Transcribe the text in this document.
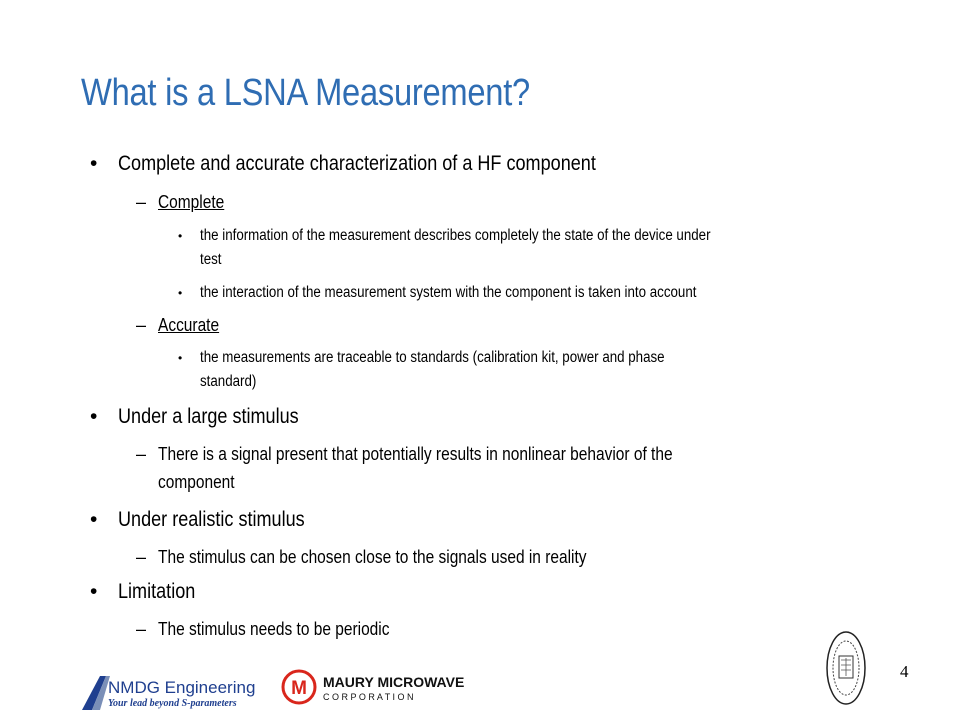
What is a LSNA Measurement?
• Complete and accurate characterization of a HF component
– Complete
• the information of the measurement describes completely the state of the device under
test
• the interaction of the measurement system with the component is taken into account
– Accurate
• the measurements are traceable to standards (calibration kit, power and phase
standard)
• Under a large stimulus
– There is a signal present that potentially results in nonlinear behavior of the
component
• Under realistic stimulus
– The stimulus can be chosen close to the signals used in reality
• Limitation
– The stimulus needs to be periodic
NMDG Engineering
Your lead beyond S-parameters
M MAURY MICROWAVE
C O R P O R A T I O N
4
